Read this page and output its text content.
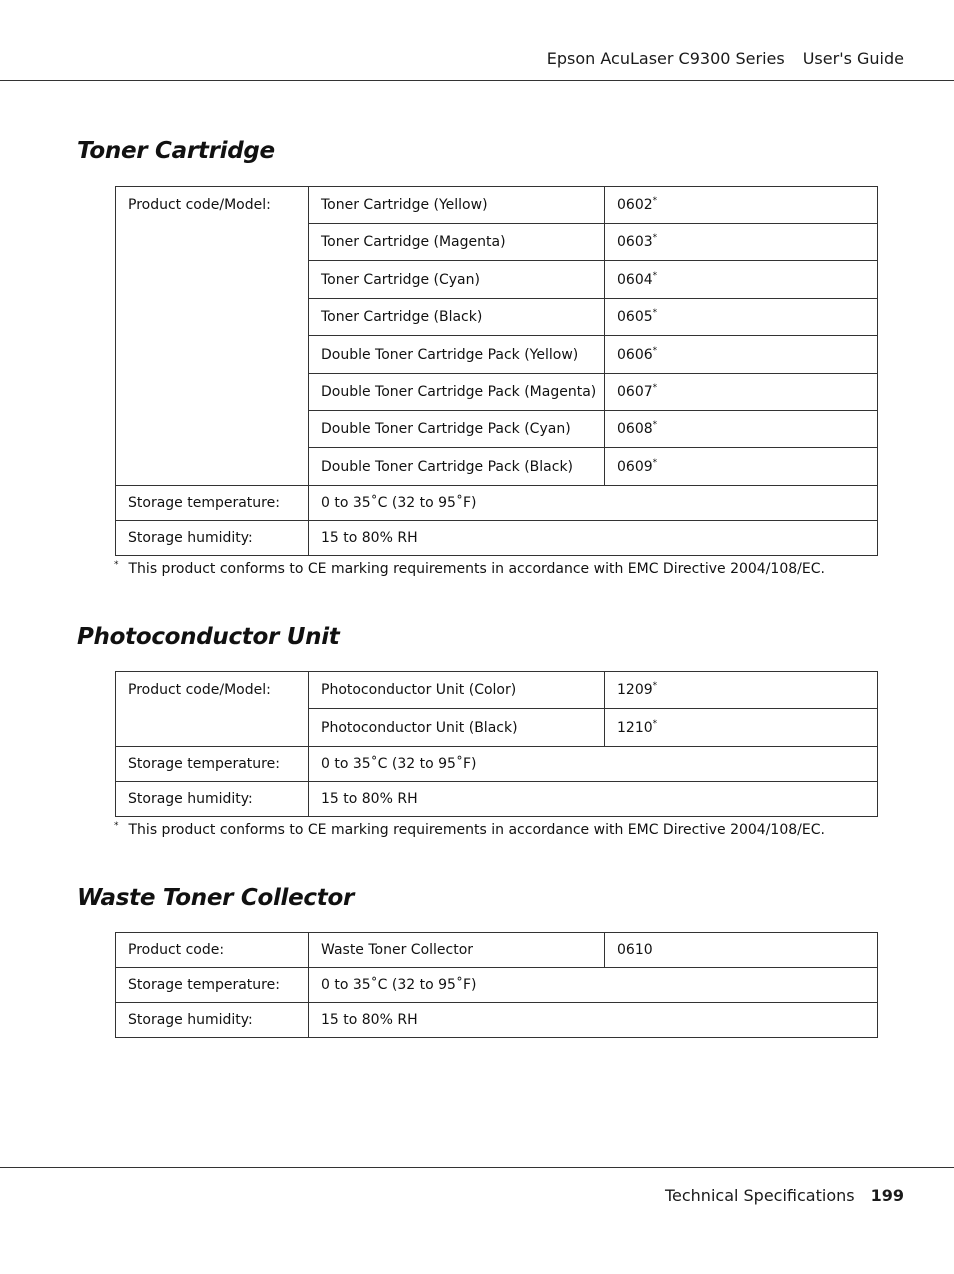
Epson AcuLaser C9300 Series User's Guide
Toner Cartridge
Product code/Model:	Toner Cartridge (Yellow)	0602*
	Toner Cartridge (Magenta)	0603*
	Toner Cartridge (Cyan)	0604*
	Toner Cartridge (Black)	0605*
	Double Toner Cartridge Pack (Yellow)	0606*
	Double Toner Cartridge Pack (Magenta)	0607*
	Double Toner Cartridge Pack (Cyan)	0608*
	Double Toner Cartridge Pack (Black)	0609*
Storage temperature:	0 to 35˚C (32 to 95˚F)	
Storage humidity:	15 to 80% RH	
* This product conforms to CE marking requirements in accordance with EMC Directive 2004/108/EC.
Photoconductor Unit
Product code/Model:	Photoconductor Unit (Color)	1209*
	Photoconductor Unit (Black)	1210*
Storage temperature:	0 to 35˚C (32 to 95˚F)	
Storage humidity:	15 to 80% RH	
* This product conforms to CE marking requirements in accordance with EMC Directive 2004/108/EC.
Waste Toner Collector
Product code:	Waste Toner Collector	0610
Storage temperature:	0 to 35˚C (32 to 95˚F)	
Storage humidity:	15 to 80% RH	
Technical Specifications 199
